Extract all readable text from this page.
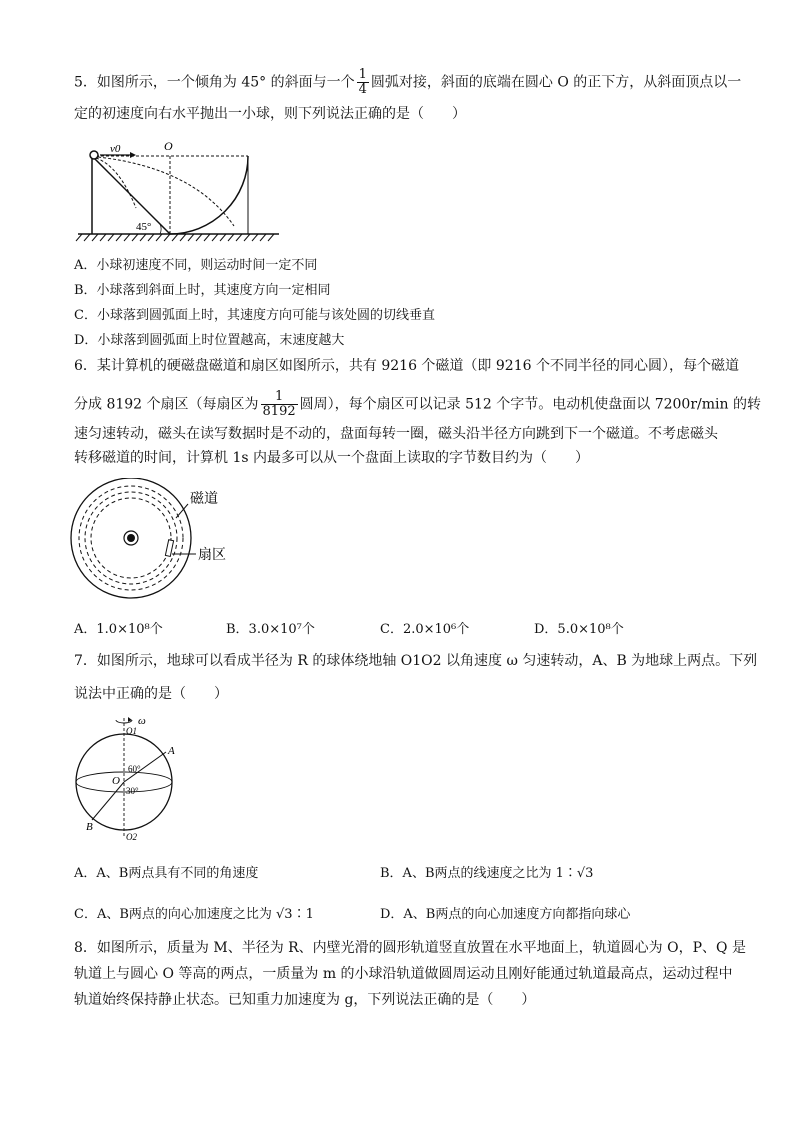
5．如图所示，一个倾角为 45° 的斜面与一个 $\frac{1}{4}$ 圆弧对接，斜面的底端在圆心 O 的正下方，从斜面顶点以一
定的初速度向右水平抛出一小球，则下列说法正确的是（　　）
v0	O
45°
A．小球初速度不同，则运动时间一定不同
B．小球落到斜面上时，其速度方向一定相同
C．小球落到圆弧面上时，其速度方向可能与该处圆的切线垂直
D．小球落到圆弧面上时位置越高，末速度越大
6．某计算机的硬磁盘磁道和扇区如图所示，共有 9216 个磁道（即 9216 个不同半径的同心圆），每个磁道
分成 8192 个扇区（每扇区为 $\frac{1}{8192}$ 圆周），每个扇区可以记录 512 个字节。电动机使盘面以 7200r/min 的转
速匀速转动，磁头在读写数据时是不动的，盘面每转一圈，磁头沿半径方向跳到下一个磁道。不考虑磁头
转移磁道的时间，计算机 1s 内最多可以从一个盘面上读取的字节数目约为（　　）
磁道
扇区
A．1.0×10⁸个	B．3.0×10⁷个	C．2.0×10⁶个	D．5.0×10⁸个
7．如图所示，地球可以看成半径为 R 的球体绕地轴 O1O2 以角速度 ω 匀速转动，A、B 为地球上两点。下列
说法中正确的是（　　）
ω
O1
O2
O
A
B
60°
30°
A．A、B两点具有不同的角速度	B．A、B两点的线速度之比为 1∶√3
C．A、B两点的向心加速度之比为 √3∶1	D．A、B两点的向心加速度方向都指向球心
8．如图所示，质量为 M、半径为 R、内壁光滑的圆形轨道竖直放置在水平地面上，轨道圆心为 O，P、Q 是
轨道上与圆心 O 等高的两点，一质量为 m 的小球沿轨道做圆周运动且刚好能通过轨道最高点，运动过程中
轨道始终保持静止状态。已知重力加速度为 g，下列说法正确的是（　　）
